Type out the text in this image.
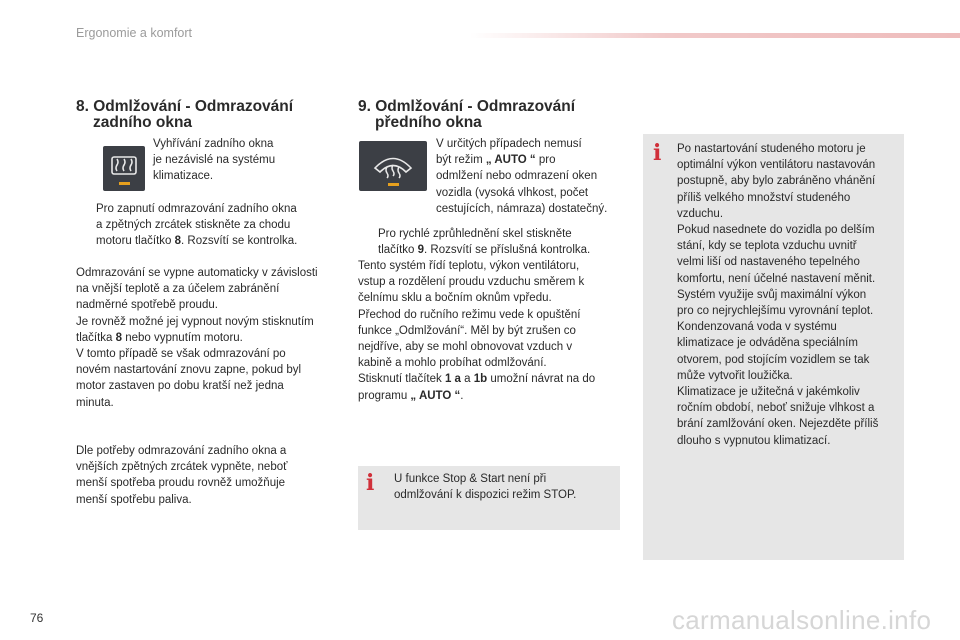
Ergonomie a komfort
8. Odmlžování - Odmrazování
zadního okna
Vyhřívání zadního okna
je nezávislé na systému
klimatizace.
Pro zapnutí odmrazování zadního okna
a zpětných zrcátek stiskněte za chodu
motoru tlačítko 8. Rozsvítí se kontrolka.
Odmrazování se vypne automaticky v závislosti
na vnější teplotě a za účelem zabránění
nadměrné spotřebě proudu.
Je rovněž možné jej vypnout novým stisknutím
tlačítka 8 nebo vypnutím motoru.
V tomto případě se však odmrazování po
novém nastartování znovu zapne, pokud byl
motor zastaven po dobu kratší než jedna
minuta.
Dle potřeby odmrazování zadního okna a
vnějších zpětných zrcátek vypněte, neboť
menší spotřeba proudu rovněž umožňuje
menší spotřebu paliva.
9. Odmlžování - Odmrazování
předního okna
V určitých případech nemusí
být režim „ AUTO “ pro
odmlžení nebo odmrazení oken
vozidla (vysoká vlhkost, počet
cestujících, námraza) dostatečný.
Pro rychlé zprůhlednění skel stiskněte
tlačítko 9. Rozsvítí se příslušná kontrolka.
Tento systém řídí teplotu, výkon ventilátoru,
vstup a rozdělení proudu vzduchu směrem k
čelnímu sklu a bočním oknům vpředu.
Přechod do ručního režimu vede k opuštění
funkce „Odmlžování“. Měl by být zrušen co
nejdříve, aby se mohl obnovovat vzduch v
kabině a mohlo probíhat odmlžování.
Stisknutí tlačítek 1 a a 1b umožní návrat na do
programu „ AUTO “.
i U funkce Stop & Start není při
odmlžování k dispozici režim STOP.
i Po nastartování studeného motoru je
optimální výkon ventilátoru nastavován
postupně, aby bylo zabráněno vhánění
příliš velkého množství studeného
vzduchu.
Pokud nasednete do vozidla po delším
stání, kdy se teplota vzduchu uvnitř
velmi liší od nastaveného tepelného
komfortu, není účelné nastavení měnit.
Systém využije svůj maximální výkon
pro co nejrychlejšímu vyrovnání teplot.
Kondenzovaná voda v systému
klimatizace je odváděna speciálním
otvorem, pod stojícím vozidlem se tak
může vytvořit loužička.
Klimatizace je užitečná v jakémkoliv
ročním období, neboť snižuje vlhkost a
brání zamlžování oken. Nejezděte příliš
dlouho s vypnutou klimatizací.
76	carmanualsonline.info
